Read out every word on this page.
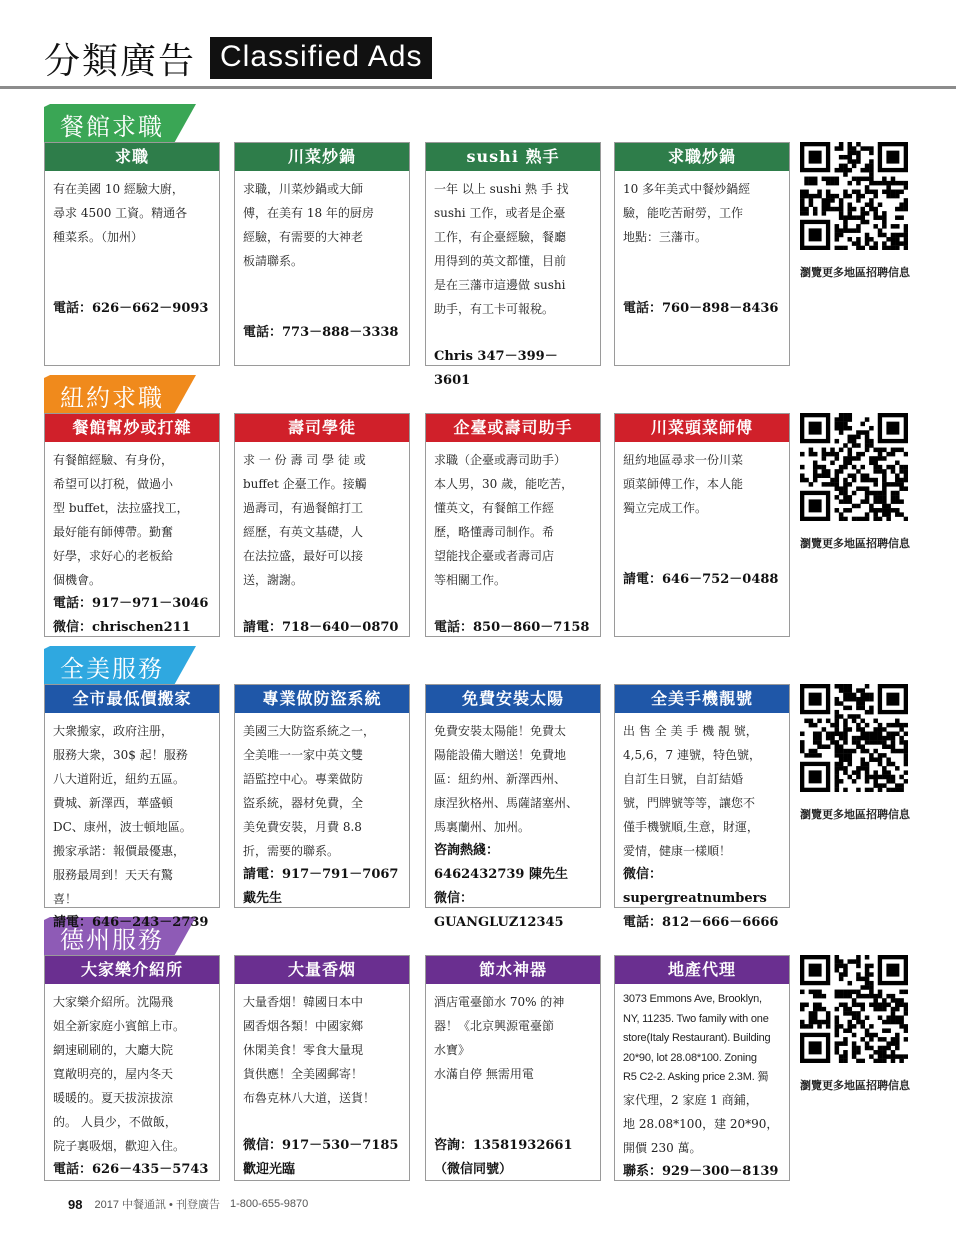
分類廣告 Classified Ads
餐館求職
紐約求職
全美服務
德州服務
求職

有在美國 10 經驗大廚，

尋求 4500 工資。精通各

種菜系。（加州）

電話：626－662－9093

川菜炒鍋

求職，川菜炒鍋或大師

傅，在美有 18 年的厨房

經驗，有需要的大神老

板請聯系。

電話：773－888－3338

sushi 熟手

一年 以上 sushi 熟 手 找

sushi 工作，或者是企臺

工作，有企臺經驗，餐廳

用得到的英文都懂，目前

是在三藩市這邊做 sushi

助手，有工卡可報稅。

Chris 347－399－3601

求職炒鍋

10 多年美式中餐炒鍋經

驗，能吃苦耐勞，工作

地點：三藩市。

電話：760－898－8436

餐館幫炒或打雜

有餐館經驗、有身份，

希望可以打税，做過小

型 buffet，法拉盛找工，

最好能有師傅帶。勤奮

好學，求好心的老板給

個機會。

電話：917－971－3046

微信：chrischen211

壽司學徒

求 一 份 壽 司 學 徒 或

buffet 企臺工作。接觸

過壽司，有過餐館打工

經歷，有英文基礎，人

在法拉盛，最好可以接

送，謝謝。

請電：718－640－0870

企臺或壽司助手

求職（企臺或壽司助手）

本人男，30 歲，能吃苦，

懂英文，有餐館工作經

歷，略懂壽司制作。希

望能找企臺或者壽司店

等相關工作。

電話：850－860－7158

川菜頭菜師傅

紐約地區尋求一份川菜

頭菜師傅工作，本人能

獨立完成工作。

請電：646－752－0488

全市最低價搬家

大衆搬家，政府注册，

服務大衆，30$ 起！服務

八大道附近，紐約五區。

費城、新澤西，華盛頓

DC、康州，波士頓地區。

搬家承諾：報價最優惠，

服務最周到！天天有驚

喜！

請電：646－243－2739

專業做防盜系統

美國三大防盜系統之一，

全美唯一一家中英文雙

語監控中心。專業做防

盜系統，器材免費，全

美免費安裝，月費 8.8

折，需要的聯系。

請電：917－791－7067

戴先生

免費安裝太陽

免費安裝太陽能！免費太

陽能設備大贈送！免費地

區：紐約州、新澤西州、

康涅狄格州、馬薩諸塞州、

馬裏蘭州、加州。

咨詢熱綫：

6462432739 陳先生

微信：

GUANGLUZ12345

全美手機靚號

出 售 全 美 手 機 靚 號，

4,5,6，7 連號，特色號，

自訂生日號，自訂結婚

號，門牌號等等，讓您不

僅手機號順,生意，財運，

愛情，健康一樣順！

微信：

supergreatnumbers

電話：812－666－6666

大家樂介紹所

大家樂介紹所。沈陽飛

姐全新家庭小賓館上市。

網速刷刷的，大廳大院

寬敞明亮的，屋内冬天

暖暖的。夏天拔涼拔涼

的。 人員少，不做飯，

院子裏吸烟，歡迎入住。

電話：626－435－5743

大量香烟

大量香烟！韓國日本中

國香烟各類！中國家鄉

休閑美食！零食大量現

貨供應！全美國郵寄！

布魯克林八大道，送貨！

微信：917－530－7185

歡迎光臨

節水神器

酒店電臺節水 70% 的神

器！《北京興源電臺節

水寶》

水滿自停 無需用電

咨詢：13581932661

（微信同號）

地產代理

3073 Emmons Ave, Brooklyn,

NY, 11235. Two family with one

store(Italy Restaurant). Building

20*90, lot 28.08*100. Zoning

R5 C2-2. Asking price 2.3M. 獨

家代理，2 家庭 1 商鋪，

地 28.08*100，建 20*90，

開價 230 萬。

聯系：929－300－8139

瀏覽更多地區招聘信息
瀏覽更多地區招聘信息
瀏覽更多地區招聘信息
瀏覽更多地區招聘信息
98 2017 中餐通訊 • 刊登廣告 1-800-655-9870
